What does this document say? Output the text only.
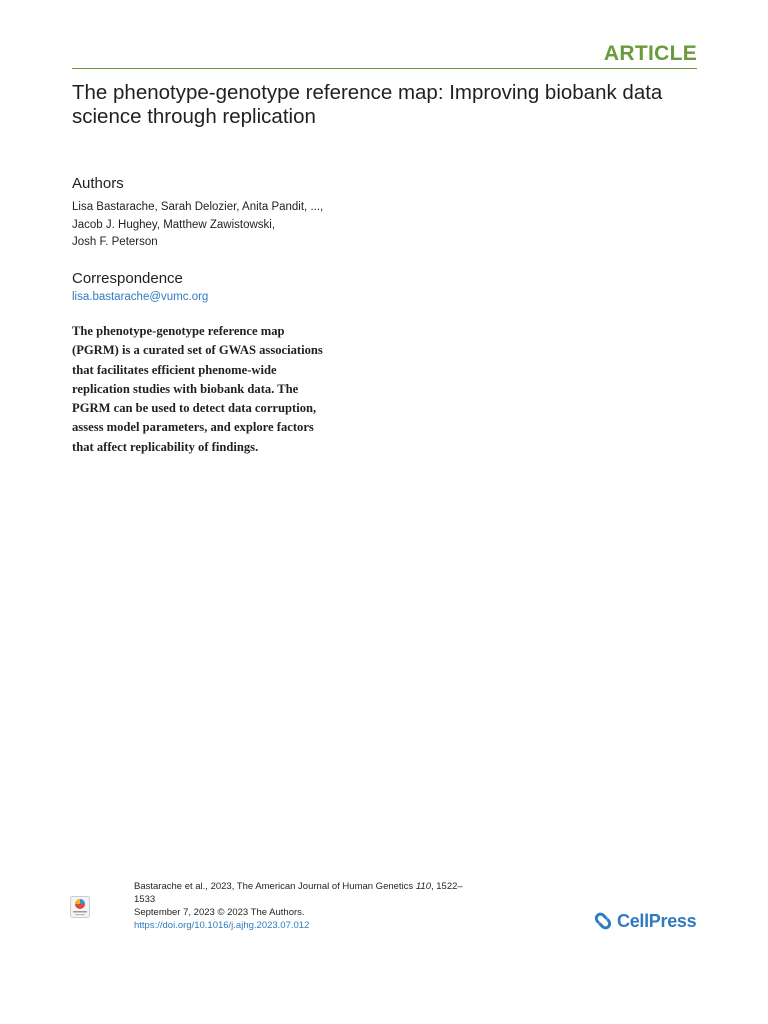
ARTICLE
The phenotype-genotype reference map: Improving biobank data
science through replication
Authors
Lisa Bastarache, Sarah Delozier, Anita Pandit, ...,
Jacob J. Hughey, Matthew Zawistowski,
Josh F. Peterson
Correspondence
lisa.bastarache@vumc.org
The phenotype-genotype reference map
(PGRM) is a curated set of GWAS associations
that facilitates efficient phenome-wide
replication studies with biobank data. The
PGRM can be used to detect data corruption,
assess model parameters, and explore factors
that affect replicability of findings.
Bastarache et al., 2023, The American Journal of Human Genetics 110, 1522–
1533
September 7, 2023 © 2023 The Authors.
https://doi.org/10.1016/j.ajhg.2023.07.012	CellPress
